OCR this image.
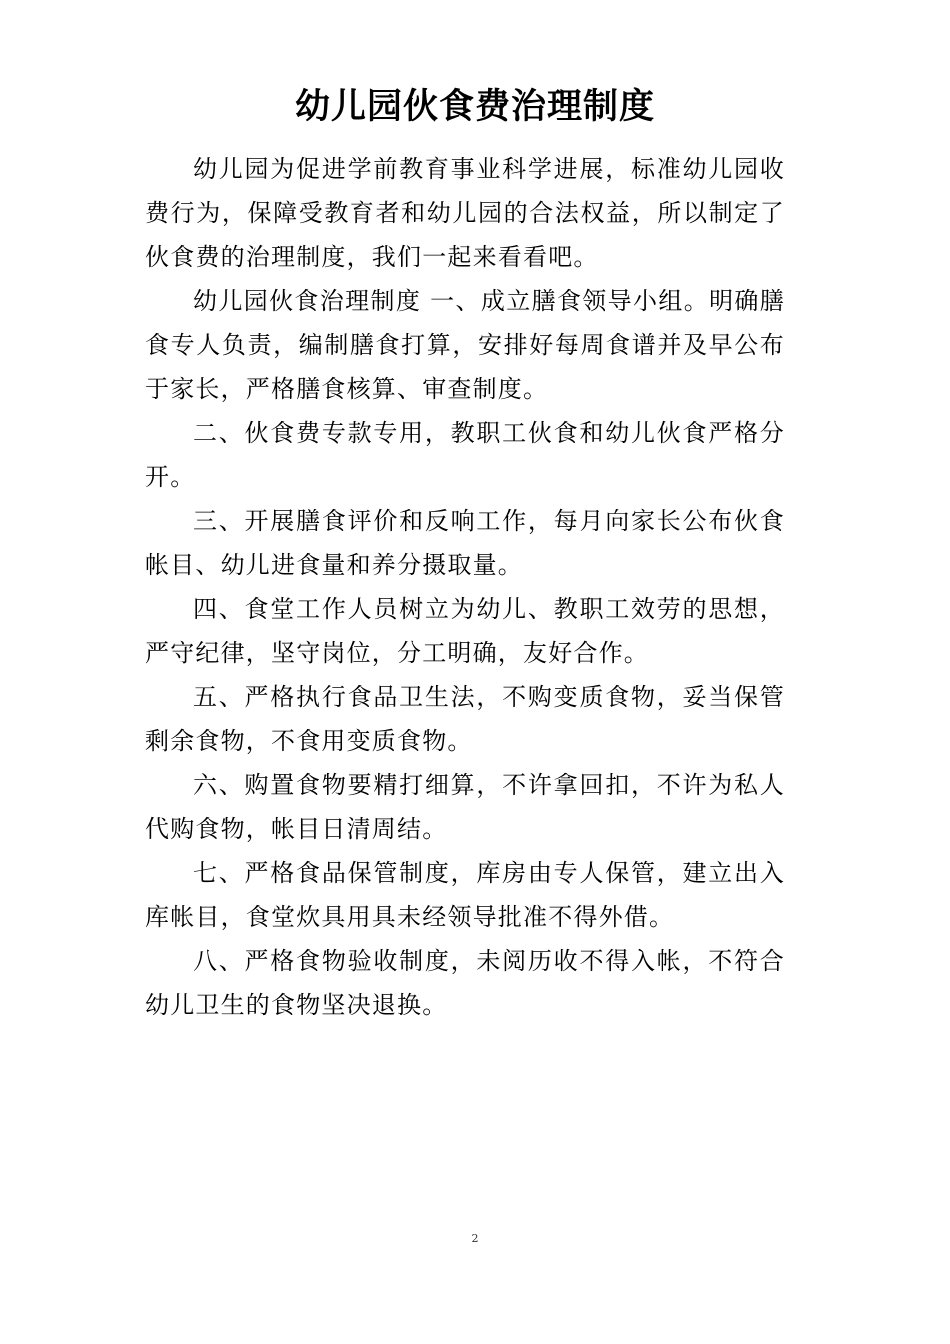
幼儿园伙食费治理制度

幼儿园为促进学前教育事业科学进展，标准幼儿园收费行为，保障受教育者和幼儿园的合法权益，所以制定了伙食费的治理制度，我们一起来看看吧。

幼儿园伙食治理制度 一、成立膳食领导小组。明确膳食专人负责，编制膳食打算，安排好每周食谱并及早公布于家长，严格膳食核算、审查制度。

二、伙食费专款专用，教职工伙食和幼儿伙食严格分开。

三、开展膳食评价和反响工作，每月向家长公布伙食帐目、幼儿进食量和养分摄取量。

四、食堂工作人员树立为幼儿、教职工效劳的思想，严守纪律，坚守岗位，分工明确，友好合作。

五、严格执行食品卫生法，不购变质食物，妥当保管剩余食物，不食用变质食物。

六、购置食物要精打细算，不许拿回扣，不许为私人代购食物，帐目日清周结。

七、严格食品保管制度，库房由专人保管，建立出入库帐目，食堂炊具用具未经领导批准不得外借。

八、严格食物验收制度，未阅历收不得入帐，不符合幼儿卫生的食物坚决退换。

2
